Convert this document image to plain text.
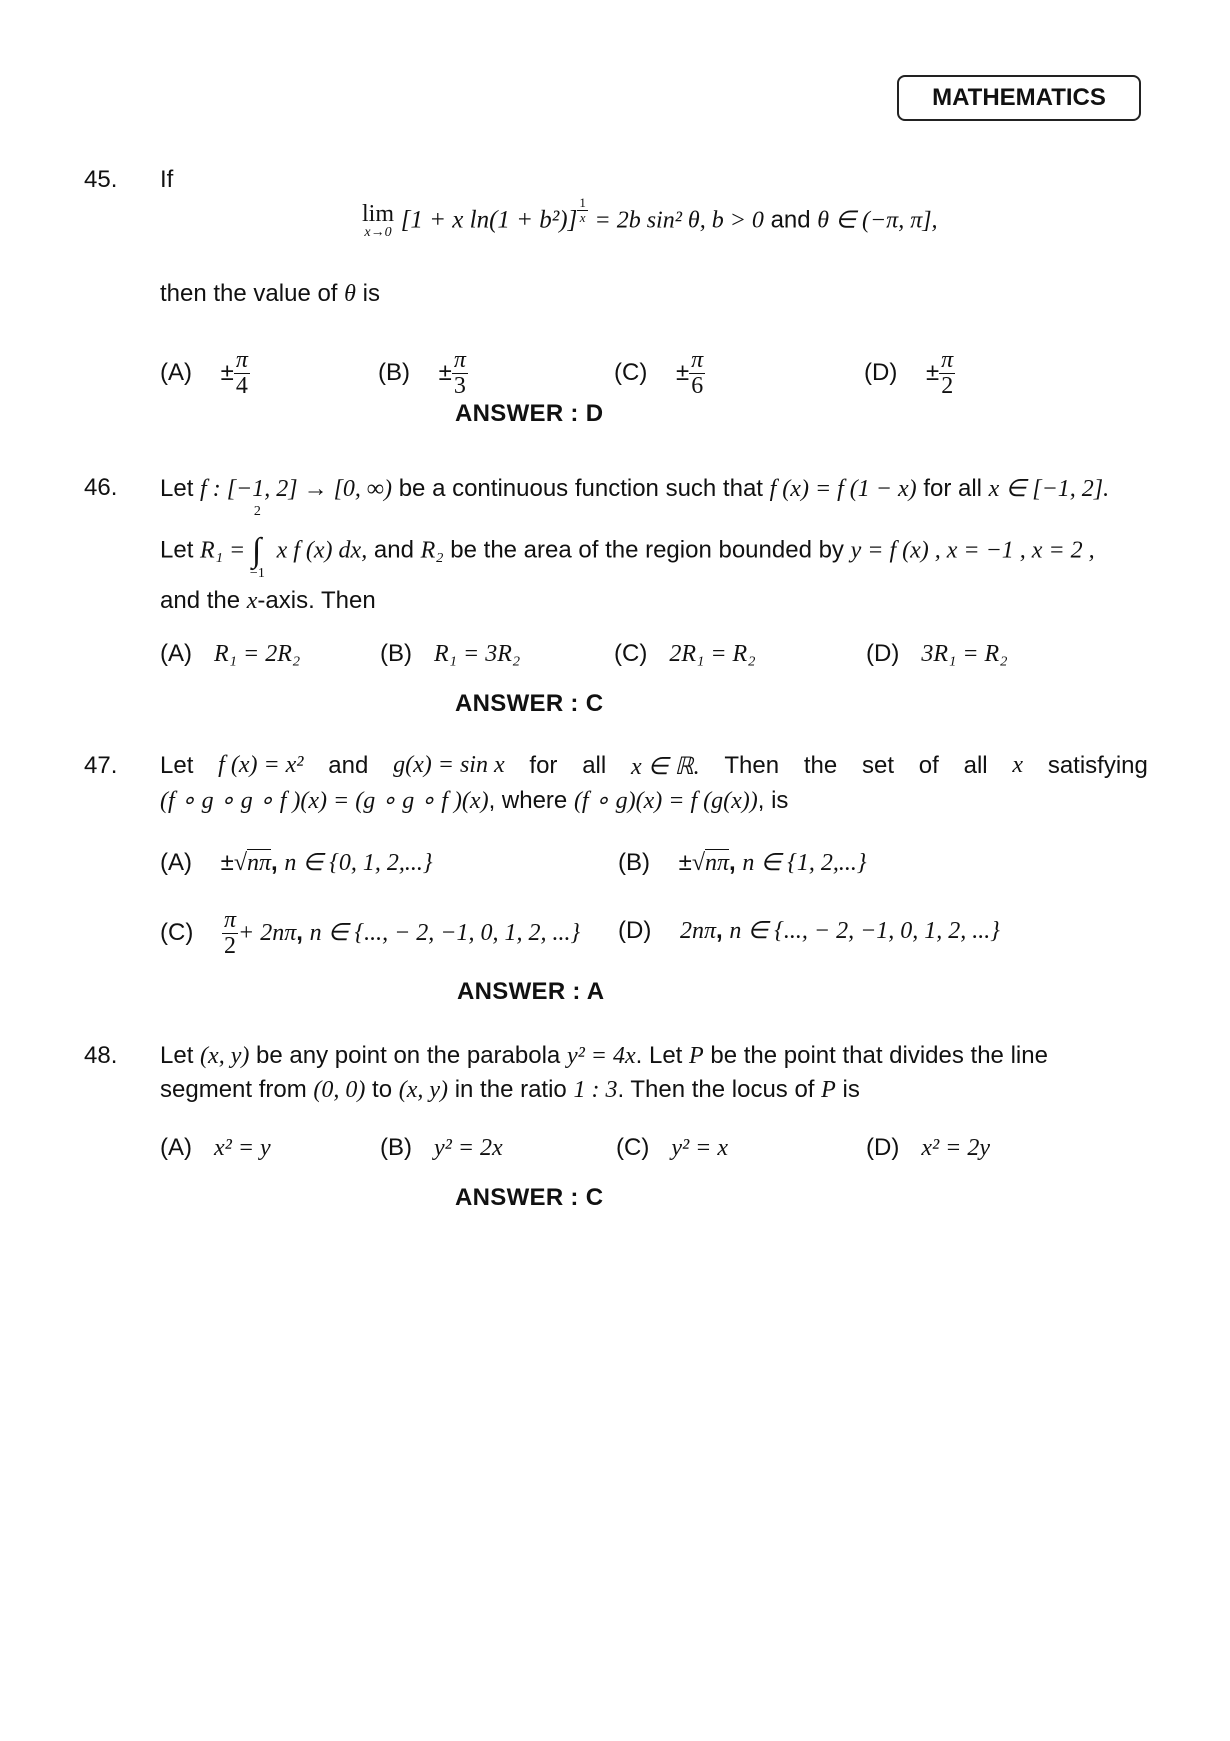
MATHEMATICS
45. If
lim
x→0 [1 + x $\ln(1 + b^2)] \frac{1}{x} = 2b$ sin² θ, b > 0 and θ ∈ (−π, π],
then the value of θ is
$(A) \pm \frac{\pi}{4}$	$(B) \pm \frac{\pi}{3}$	$(C) \pm \frac{\pi}{6}$	$(D) \pm \frac{\pi}{2}$
ANSWER : D
46. Let f : [−1, 2] → [0, ∞) be a continuous function such that f (x) = f (1 − x) for all x ∈ [−1, 2].
Let R₁ =
2
∫
−1
x f (x) dx, and R₂ be the area of the region bounded by y = f (x) , x = −1 , x = 2 ,
and the x-axis. Then
(A) R₁ = 2R₂	(B) R₁ = 3R₂	(C) 2R₁ = R₂	(D) 3R₁ = R₂
ANSWER : C
47. Let f (x) = x² and g(x) = sin x for all x ∈ ℝ. Then the set of all x satisfying
(f ∘ g ∘ g ∘ f )(x) = (g ∘ g ∘ f )(x), where (f ∘ g)(x) = f (g(x)), is
(A) ±√nπ, n ∈ {0, 1, 2,...}	(B) ±√nπ, n ∈ {1, 2,...}
$(C) \frac{\pi}{2} + 2n\pi$, n ∈ {..., − 2, −1, 0, 1, 2, ...} (D) 2nπ, n ∈ {..., − 2, −1, 0, 1, 2, ...}
ANSWER : A
48. Let (x, y) be any point on the parabola y² = 4x. Let P be the point that divides the line
segment from (0, 0) to (x, y) in the ratio 1 : 3. Then the locus of P is
(A) x² = y	(B) y² = 2x	(C) y² = x	(D) x² = 2y
ANSWER : C
